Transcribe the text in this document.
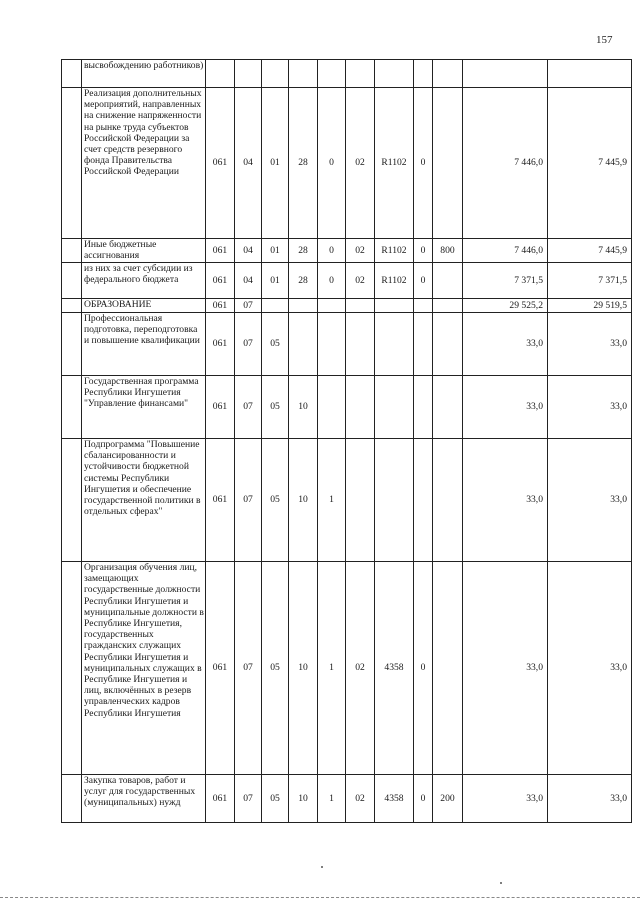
157
	высвобождению работников)											
	Реализация дополнительных мероприятий, направленных на снижение напряженности на рынке труда субъектов Российской Федерации за счет средств резервного фонда Правительства Российской Федерации	061	04	01	28	0	02	R1102	0		7 446,0	7 445,9
	Иные бюджетные ассигнования	061	04	01	28	0	02	R1102	0	800	7 446,0	7 445,9
	из них за счет субсидии из федерального бюджета	061	04	01	28	0	02	R1102	0		7 371,5	7 371,5
	ОБРАЗОВАНИЕ	061	07								29 525,2	29 519,5
	Профессиональная подготовка, переподготовка и повышение квалификации	061	07	05							33,0	33,0
	Государственная программа Республики Ингушетия "Управление финансами"	061	07	05	10						33,0	33,0
	Подпрограмма "Повышение сбалансированности и устойчивости бюджетной системы Республики Ингушетия и обеспечение государственной политики в отдельных сферах"	061	07	05	10	1					33,0	33,0
	Организация обучения лиц, замещающих государственные должности Республики Ингушетия и муниципальные должности в Республике Ингушетия, государственных гражданских служащих Республики Ингушетия и муниципальных служащих в Республике Ингушетия и лиц, включённых в резерв управленческих кадров Республики Ингушетия	061	07	05	10	1	02	4358	0		33,0	33,0
	Закупка товаров, работ и услуг для государственных (муниципальных) нужд	061	07	05	10	1	02	4358	0	200	33,0	33,0
